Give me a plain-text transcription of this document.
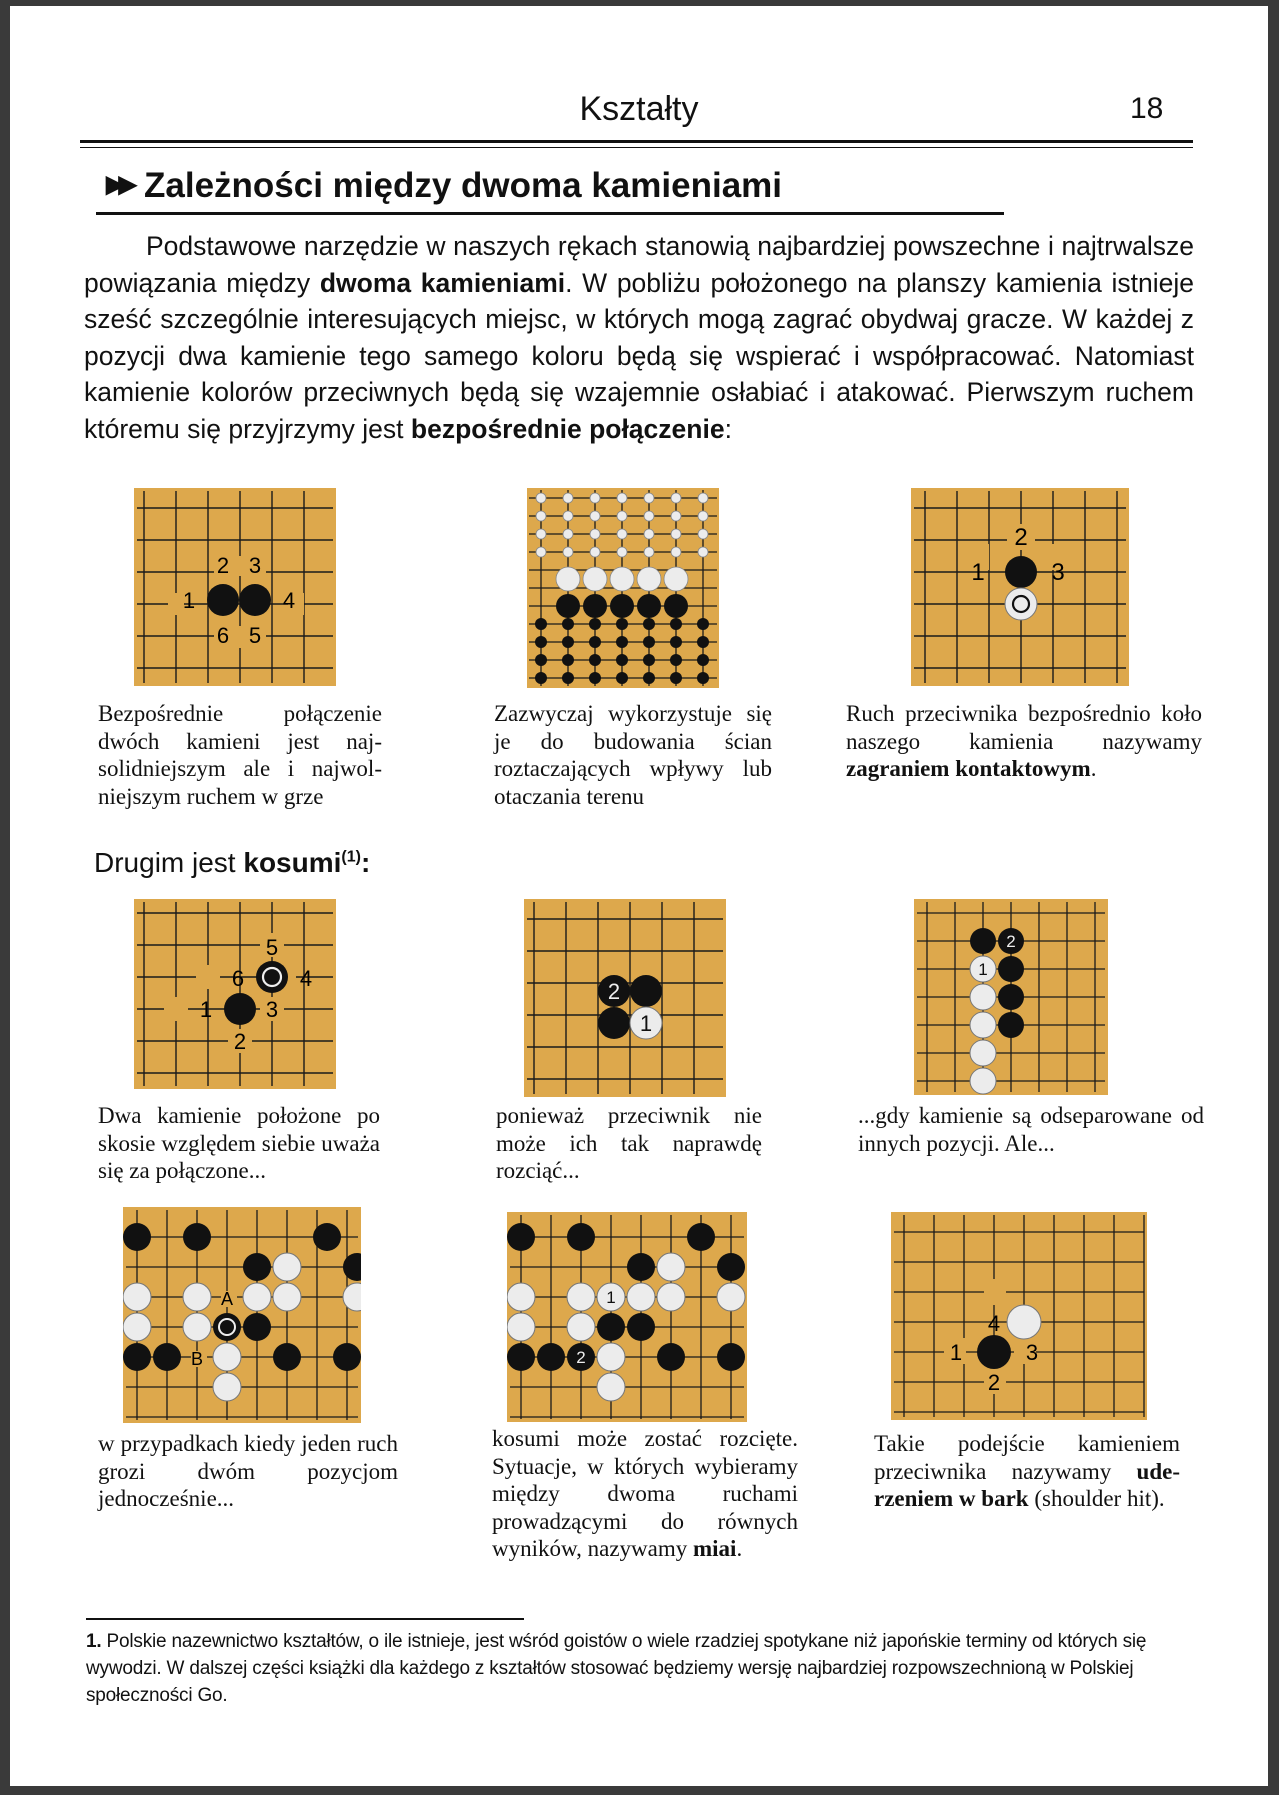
Kształty	18
▶▶ Zależności między dwoma kamieniami
Podstawowe narzędzie w naszych rękach stanowią najbardziej powszechne i najtrwalsze powiązania między dwoma kamieniami. W pobliżu położonego na planszy kamienia istnieje sześć szczególnie interesujących miejsc, w których mogą zagrać obydwaj gracze. W każdej z pozycji dwa kamienie tego samego koloru będą się wspierać i współpracować. Natomiast kamienie kolorów przeciwnych będą się wzajemnie osłabiać i atakować. Pierwszym ruchem któremu się przyjrzymy jest bezpośrednie połączenie:
2 3
1	4
6 5
2
1	3
Bezpośrednie połączenie dwóch kamieni jest najsolidniejszym ale i najwolniejszym ruchem w grze
Zazwyczaj wykorzystuje się je do budowania ścian roztaczających wpływy lub otaczania terenu
Ruch przeciwnika bezpośrednio koło naszego kamienia nazywamy zagraniem kontaktowym.
Drugim jest kosumi$^{(1)}$:
5
6	4
1 3
2
2
1
2
1
Dwa kamienie położone po skosie względem siebie uważa się za połączone...
ponieważ przeciwnik nie może ich tak naprawdę rozciąć...
...gdy kamienie są odseparowane od innych pozycji. Ale...
A
B
1
2
4
1	3
2
w przypadkach kiedy jeden ruch grozi dwóm pozycjom jednocześnie...
kosumi może zostać rozcięte. Sytuacje, w których wybieramy między dwoma ruchami prowadzącymi do równych wyników, nazywamy miai.
Takie podejście kamieniem przeciwnika nazywamy uderzeniem w bark (shoulder hit).
1. Polskie nazewnictwo kształtów, o ile istnieje, jest wśród goistów o wiele rzadziej spotykane niż japońskie terminy od których się wywodzi. W dalszej części książki dla każdego z kształtów stosować będziemy wersję najbardziej rozpowszechnioną w Polskiej społeczności Go.
